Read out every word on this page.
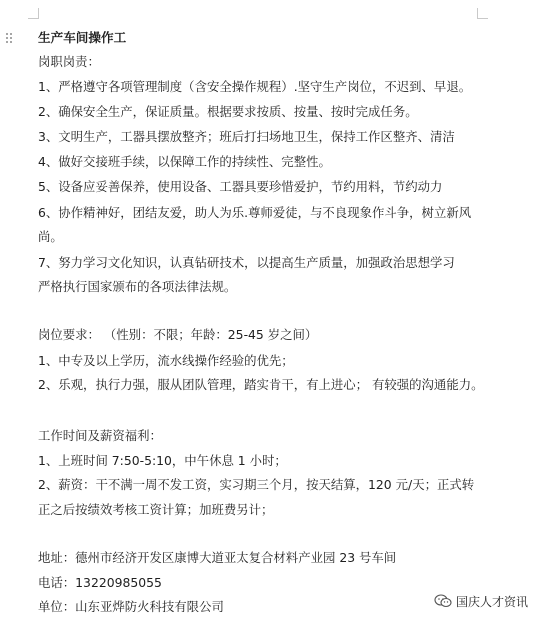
生产车间操作工
岗职岗责：
1、严格遵守各项管理制度（含安全操作规程）.坚守生产岗位，不迟到、早退。
2、确保安全生产，保证质量。根据要求按质、按量、按时完成任务。
3、文明生产，工器具摆放整齐；班后打扫场地卫生，保持工作区整齐、清洁
4、做好交接班手续，以保障工作的持续性、完整性。
5、设备应妥善保养，使用设备、工器具要珍惜爱护，节约用料，节约动力
6、协作精神好，团结友爱，助人为乐.尊师爱徒，与不良现象作斗争，树立新风
尚。
7、努力学习文化知识，认真钻研技术，以提高生产质量，加强政治思想学习
严格执行国家颁布的各项法律法规。
岗位要求： （性别：不限；年龄：25-45 岁之间）
1、中专及以上学历，流水线操作经验的优先；
2、乐观，执行力强，服从团队管理，踏实肯干，有上进心； 有较强的沟通能力。
工作时间及薪资福利：
1、上班时间 7:50-5:10，中午休息 1 小时；
2、薪资：干不满一周不发工资，实习期三个月，按天结算，120 元/天；正式转
正之后按绩效考核工资计算；加班费另计；
地址：德州市经济开发区康博大道亚太复合材料产业园 23 号车间
电话：13220985055
单位：山东亚烨防火科技有限公司	国庆人才资讯
